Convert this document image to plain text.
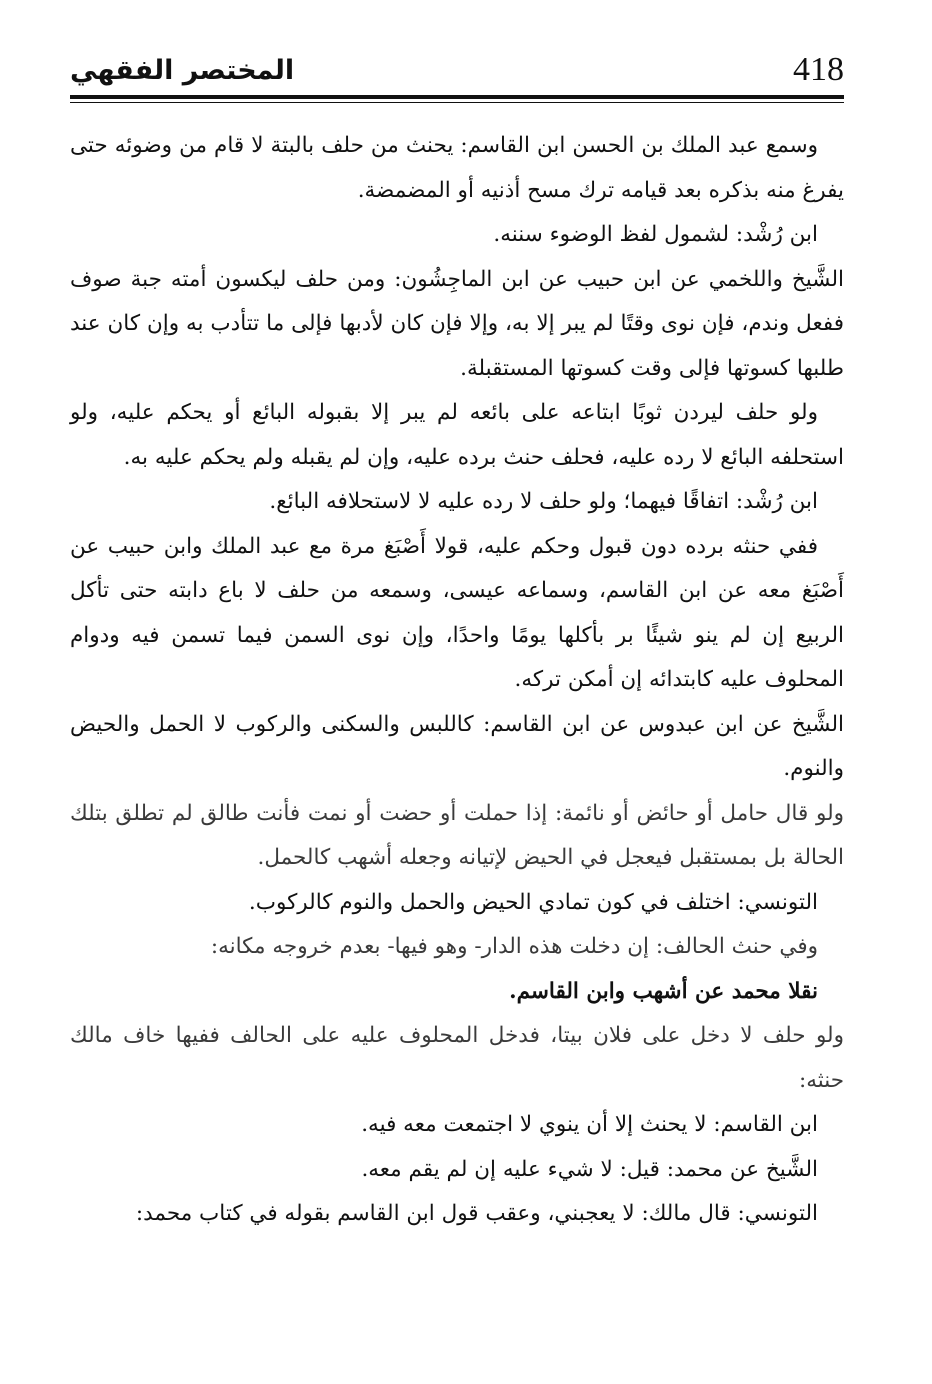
418
المختصر الفقهي

وسمع عبد الملك بن الحسن ابن القاسم: يحنث من حلف بالبتة لا قام من وضوئه حتى يفرغ منه بذكره بعد قيامه ترك مسح أذنيه أو المضمضة.

ابن رُشْد: لشمول لفظ الوضوء سننه.

الشَّيخ واللخمي عن ابن حبيب عن ابن الماجِشُون: ومن حلف ليكسون أمته جبة صوف ففعل وندم، فإن نوى وقتًا لم يبر إلا به، وإلا فإن كان لأدبها فإلى ما تتأدب به وإن كان عند طلبها كسوتها فإلى وقت كسوتها المستقبلة.

ولو حلف ليردن ثوبًا ابتاعه على بائعه لم يبر إلا بقبوله البائع أو يحكم عليه، ولو استحلفه البائع لا رده عليه، فحلف حنث برده عليه، وإن لم يقبله ولم يحكم عليه به.

ابن رُشْد: اتفاقًا فيهما؛ ولو حلف لا رده عليه لا لاستحلافه البائع.

ففي حنثه برده دون قبول وحكم عليه، قولا أَصْبَغ مرة مع عبد الملك وابن حبيب عن أَصْبَغ معه عن ابن القاسم، وسماعه عيسى، وسمعه من حلف لا باع دابته حتى تأكل الربيع إن لم ينو شيئًا بر بأكلها يومًا واحدًا، وإن نوى السمن فيما تسمن فيه ودوام المحلوف عليه كابتدائه إن أمكن تركه.

الشَّيخ عن ابن عبدوس عن ابن القاسم: كاللبس والسكنى والركوب لا الحمل والحيض والنوم.

ولو قال حامل أو حائض أو نائمة: إذا حملت أو حضت أو نمت فأنت طالق لم تطلق بتلك الحالة بل بمستقبل فيعجل في الحيض لإتيانه وجعله أشهب كالحمل.

التونسي: اختلف في كون تمادي الحيض والحمل والنوم كالركوب.

وفي حنث الحالف: إن دخلت هذه الدار- وهو فيها- بعدم خروجه مكانه:

نقلا محمد عن أشهب وابن القاسم.

ولو حلف لا دخل على فلان بيتا، فدخل المحلوف عليه على الحالف ففيها خاف مالك حنثه:

ابن القاسم: لا يحنث إلا أن ينوي لا اجتمعت معه فيه.

الشَّيخ عن محمد: قيل: لا شيء عليه إن لم يقم معه.

التونسي: قال مالك: لا يعجبني، وعقب قول ابن القاسم بقوله في كتاب محمد:
